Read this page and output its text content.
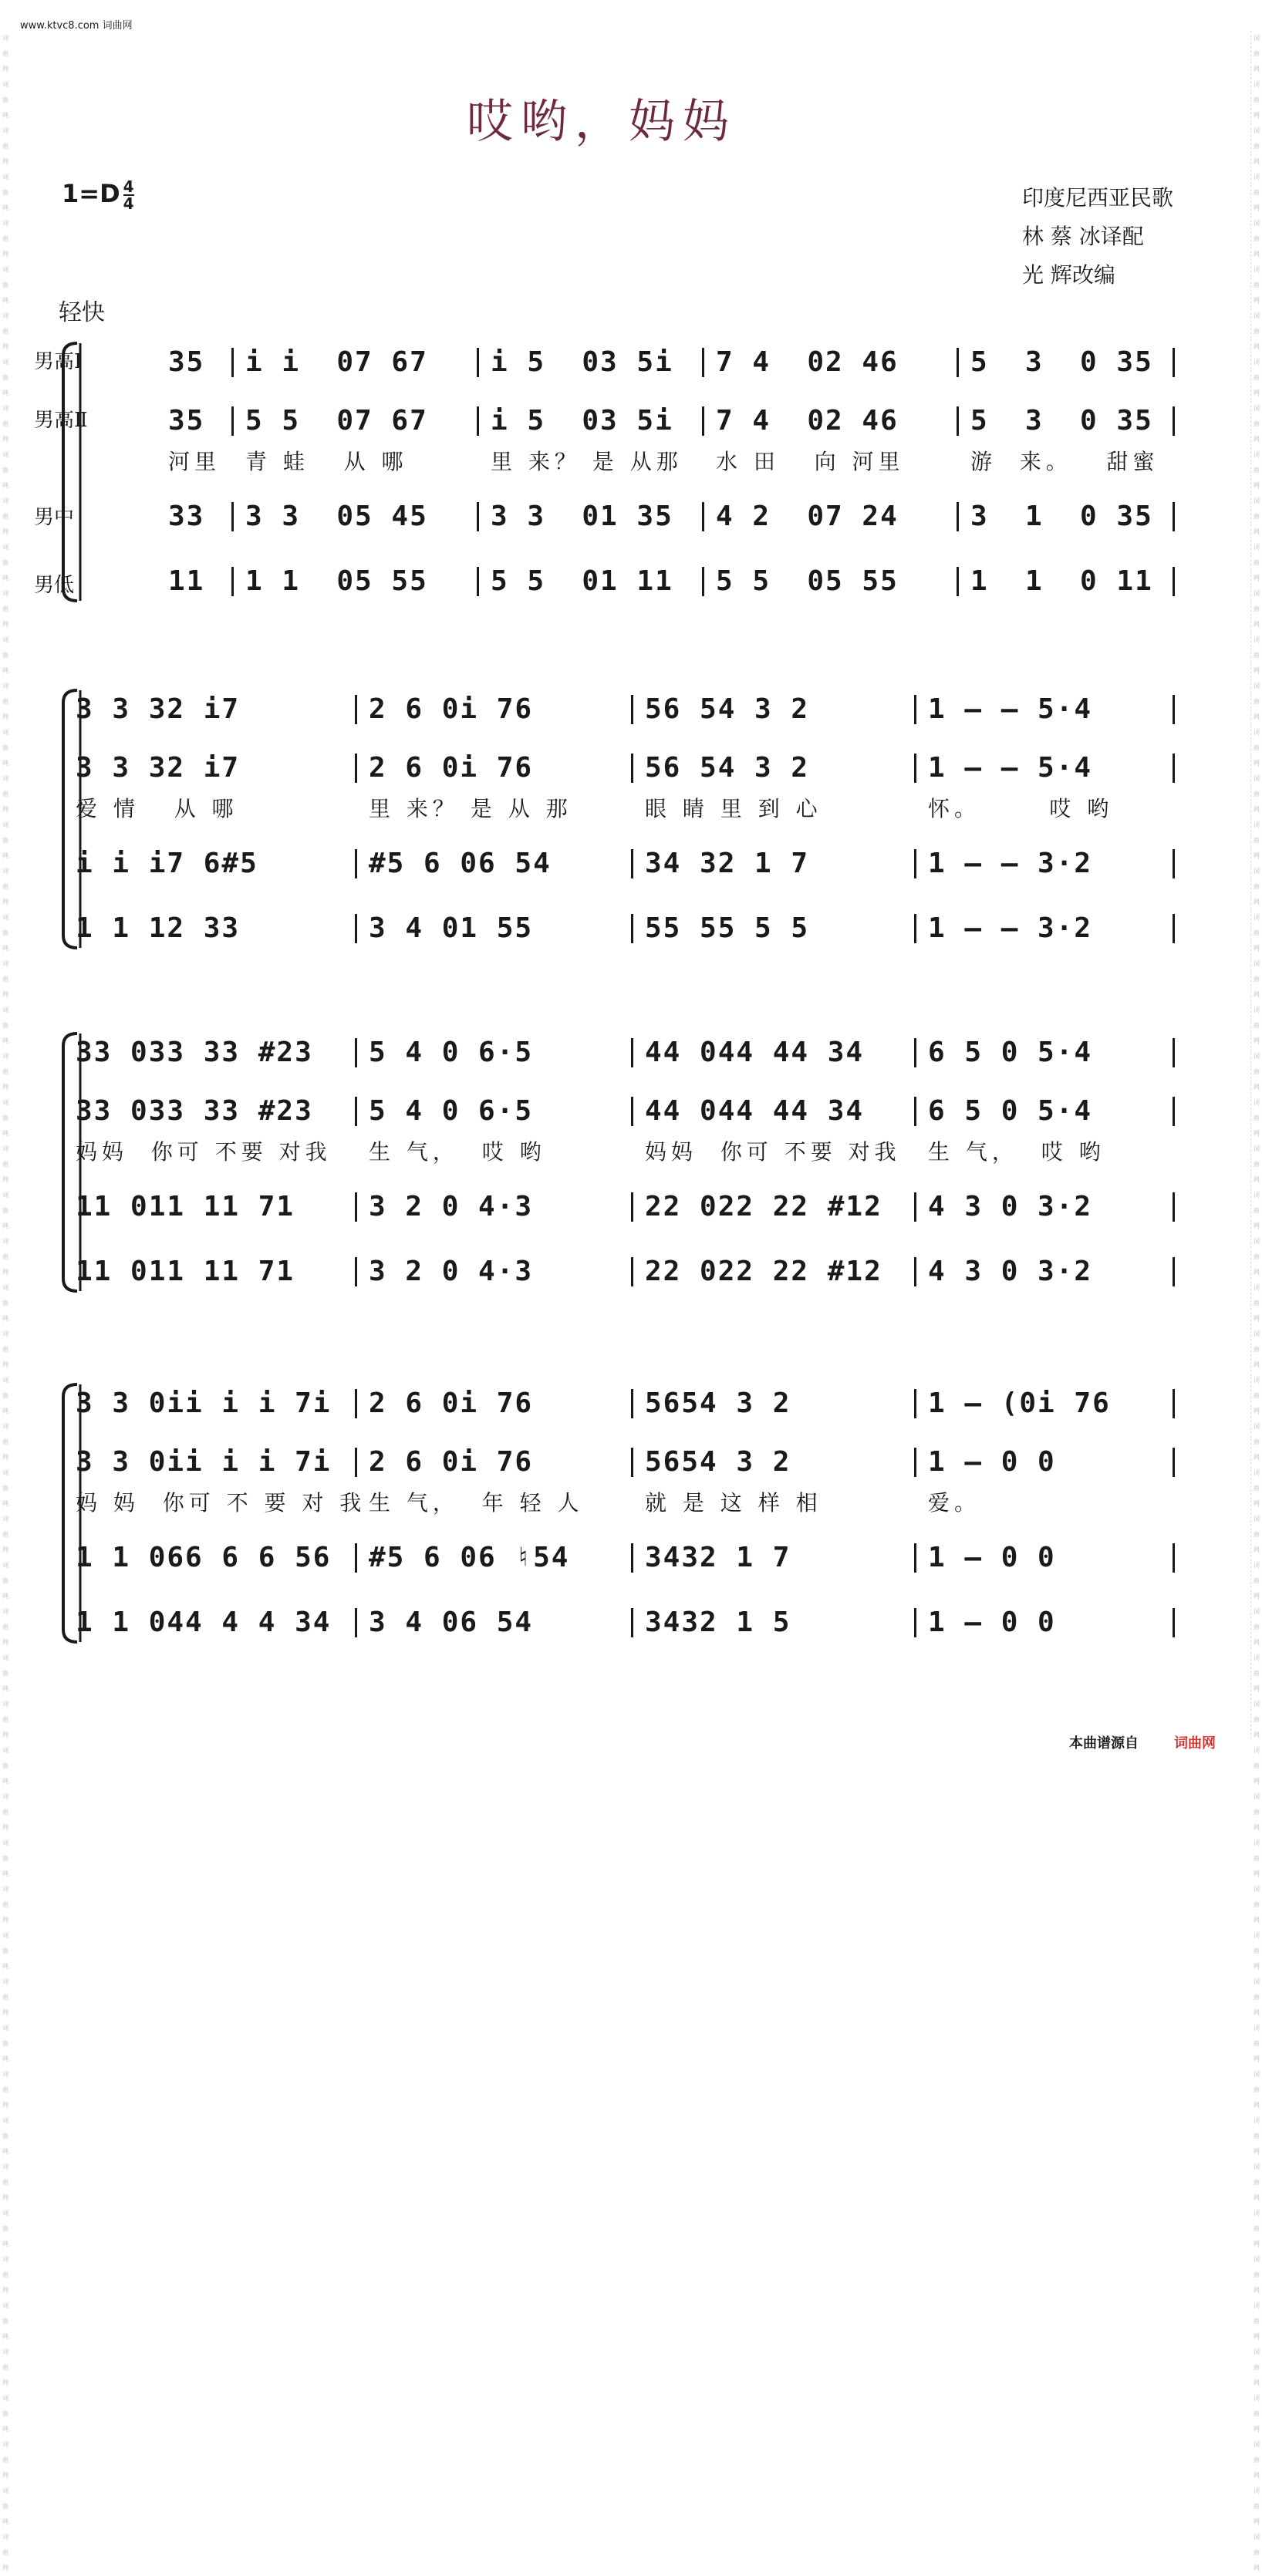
www.ktvc8.com 词曲网
哎哟，妈妈
$1=D \frac{4}{4}$	印度尼西亚民歌
林 蔡 冰译配
光 辉改编
轻快
男高Ⅰ
男高Ⅱ
男中
男低
35 i i  07 67 i 5  03 5i 7 4  02 46	5  3  0 35
35 5 5  07 67 i 5  03 5i 7 4  02 46	5  3  0 35
33 3 3  05 45 3 3  01 35 4 2  07 24	3  1  0 35
11 1 1  05 55 5 5  01 11 5 5  05 55	1  1  0 11
河里 青 蛙   从 哪	里 来？ 是 从那 水 田   向 河里	游  来。   甜蜜
3 3 32 i7	2 6 0i 76	56 54 3 2	1 – – 5·4
3 3 32 i7	2 6 0i 76	56 54 3 2	1 – – 5·4
i i i7 6#5	#5 6 06 54	34 32 1 7	1 – – 3·2
1 1 12 33	3 4 01 55	55 55 5 5	1 – – 3·2
爱 情   从 哪	里 来？ 是 从 那	眼 睛 里 到 心	怀。      哎 哟
33 033 33 #23 5 4 0 6·5	44 044 44 34 6 5 0 5·4
33 033 33 #23 5 4 0 6·5	44 044 44 34 6 5 0 5·4
11 011 11 71	3 2 0 4·3	22 022 22 #12 4 3 0 3·2
11 011 11 71	3 2 0 4·3	22 022 22 #12 4 3 0 3·2
妈妈  你可 不要 对我 生 气，  哎 哟	妈妈  你可 不要 对我 生 气，  哎 哟
3 3 0ii i i 7i 2 6 0i 76	5654 3 2	1 – (0i 76
3 3 0ii i i 7i 2 6 0i 76	5654 3 2	1 – 0 0
1 1 066 6 6 56 #5 6 06 ♮54	3432 1 7	1 – 0 0
1 1 044 4 4 34 3 4 06 54	3432 1 5	1 – 0 0
妈 妈  你可 不 要 对 我 生 气，  年 轻 人	就 是 这 样 相	爱。
词曲网
词曲网
词曲网
词曲网
词曲网
词曲网
词曲网
词曲网
词曲网
词曲网
词曲网
词曲网
词曲网
词曲网
词曲网
词曲网
词曲网
词曲网
词曲网
词曲网
词曲网
词曲网
词曲网
词曲网
词曲网
词曲网
词曲网
词曲网
词曲网
词曲网
词曲网
词曲网
词曲网
词曲网
词曲网
词曲网
词曲网
词曲网
词曲网
词曲网
词曲网
词曲网
词曲网
词曲网
词曲网
词曲网
词曲网
词曲网
词曲网
词曲网
词曲网
词曲网
词曲网
词曲网
词曲网
词曲网
词曲网
词曲网
词曲网
词曲网
词曲网
词曲网
词曲网
词曲网
词曲网
词曲网
词曲网
词曲网
词曲网
词曲网
词曲网
词曲网
词曲网
词曲网
词曲网
词曲网
词曲网
词曲网
词曲网
词曲网
词曲网
词曲网
词曲网
词曲网
词曲网
词曲网
词曲网
词曲网
词曲网
词曲网
词曲网
词曲网
词曲网
词曲网
词曲网
词曲网
词曲网
词曲网
词曲网
词曲网
词曲网
词曲网
词曲网
词曲网
词曲网
词曲网
词曲网
词曲网
词曲网
词曲网
本曲谱源自	词曲网
